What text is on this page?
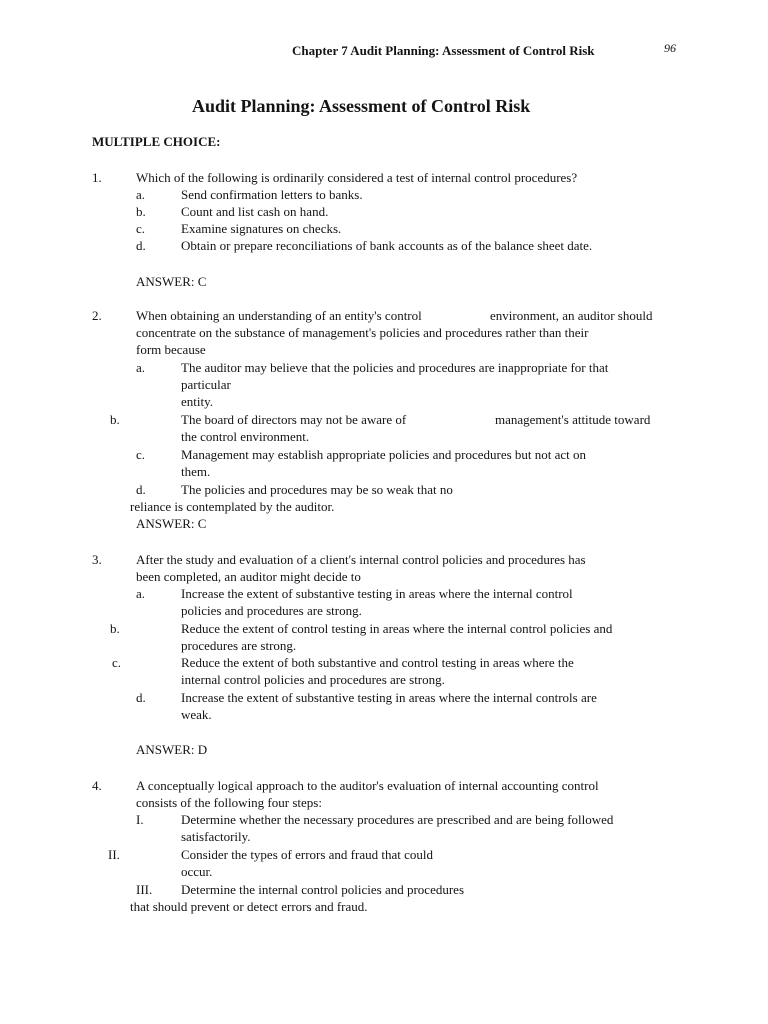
Chapter 7 Audit Planning: Assessment of Control Risk	96
Audit Planning: Assessment of Control Risk
MULTIPLE CHOICE:
1.	Which of the following is ordinarily considered a test of internal control procedures?
a.	Send confirmation letters to banks.
b.	Count and list cash on hand.
c.	Examine signatures on checks.
d.	Obtain or prepare reconciliations of bank accounts as of the balance sheet date.
ANSWER: C
2.	When obtaining an understanding of an entity's control	environment, an auditor should
concentrate on the substance of management's policies and procedures rather than their
form because
a.	The auditor may believe that the policies and procedures are inappropriate for that
particular
entity.
b.	The board of directors may not be aware of	management's attitude toward
the control environment.
c.	Management may establish appropriate policies and procedures but not act on
them.
d.	The policies and procedures may be so weak that no
reliance is contemplated by the auditor.
ANSWER: C
3.	After the study and evaluation of a client's internal control policies and procedures has
been completed, an auditor might decide to
a.	Increase the extent of substantive testing in areas where the internal control
policies and procedures are strong.
b.	Reduce the extent of control testing in areas where the internal control policies and
procedures are strong.
c.	Reduce the extent of both substantive and control testing in areas where the
internal control policies and procedures are strong.
d.	Increase the extent of substantive testing in areas where the internal controls are
weak.
ANSWER: D
4.	A conceptually logical approach to the auditor's evaluation of internal accounting control
consists of the following four steps:
I.	Determine whether the necessary procedures are prescribed and are being followed
satisfactorily.
II.	Consider the types of errors and fraud that could
occur.
III. Determine the internal control policies and procedures
that should prevent or detect errors and fraud.
